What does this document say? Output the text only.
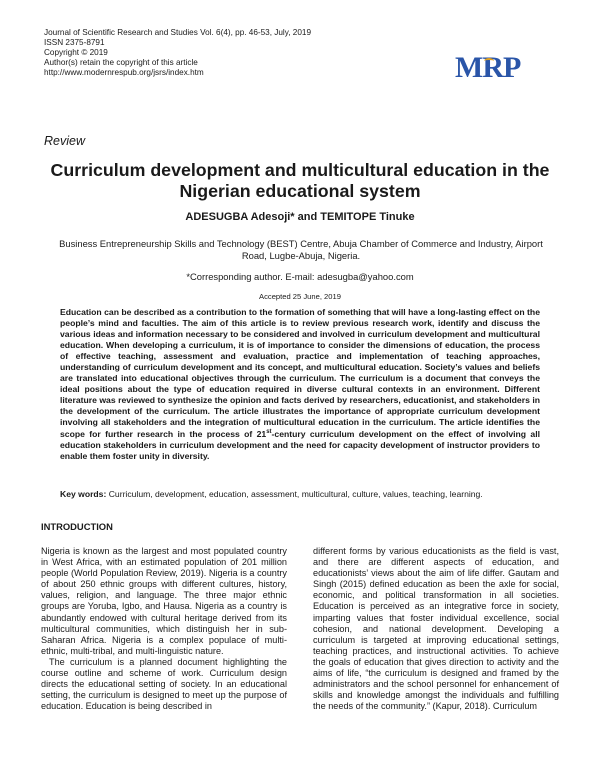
Journal of Scientific Research and Studies Vol. 6(4), pp. 46-53, July, 2019
ISSN 2375-8791
Copyright © 2019
Author(s) retain the copyright of this article
http://www.modernrespub.org/jsrs/index.htm	MRP
Review
Curriculum development and multicultural education in the Nigerian educational system
ADESUGBA Adesoji* and TEMITOPE Tinuke
Business Entrepreneurship Skills and Technology (BEST) Centre, Abuja Chamber of Commerce and Industry, Airport Road, Lugbe-Abuja, Nigeria.
*Corresponding author. E-mail: adesugba@yahoo.com
Accepted 25 June, 2019
Education can be described as a contribution to the formation of something that will have a long-lasting effect on the people’s mind and faculties. The aim of this article is to review previous research work, identify and discuss the various ideas and information necessary to be considered and involved in curriculum development and multicultural education. When developing a curriculum, it is of importance to consider the dimensions of education, the process of effective teaching, assessment and evaluation, practice and implementation of teaching approaches, understanding of curriculum development and its concept, and multicultural education. Society’s values and beliefs are translated into educational objectives through the curriculum. The curriculum is a document that conveys the ideal positions about the type of education required in diverse cultural contexts in an environment. Different literature was reviewed to synthesize the opinion and facts derived by researchers, educationist, and stakeholders in the development of the curriculum. The article illustrates the importance of appropriate curriculum development involving all stakeholders and the integration of multicultural education in the curriculum. The article identifies the scope for further research in the process of 21st-century curriculum development on the effect of involving all education stakeholders in curriculum development and the need for capacity development of instructor providers to enable them foster unity in diversity.
Key words: Curriculum, development, education, assessment, multicultural, culture, values, teaching, learning.
INTRODUCTION

Nigeria is known as the largest and most populated country in West Africa, with an estimated population of 201 million people (World Population Review, 2019). Nigeria is a country of about 250 ethnic groups with different cultures, history, values, religion, and language. The three major ethnic groups are Yoruba, Igbo, and Hausa. Nigeria as a country is abundantly endowed with cultural heritage derived from its multicultural communities, which distinguish her in sub-Saharan Africa. Nigeria is a complex populace of multi-ethnic, multi-tribal, and multi-linguistic nature.

The curriculum is a planned document highlighting the course outline and scheme of work. Curriculum design directs the educational setting of society. In an educational setting, the curriculum is designed to meet up the purpose of education. Education is being described in

different forms by various educationists as the field is vast, and there are different aspects of education, and educationists’ views about the aim of life differ. Gautam and Singh (2015) defined education as been the axle for social, economic, and political transformation in all societies. Education is perceived as an integrative force in society, imparting values that foster individual excellence, social cohesion, and national development. Developing a curriculum is targeted at improving educational settings, teaching practices, and instructional activities. To achieve the goals of education that gives direction to activity and the aims of life, “the curriculum is designed and framed by the administrators and the school personnel for enhancement of skills and knowledge amongst the individuals and fulfilling the needs of the community.” (Kapur, 2018). Curriculum
